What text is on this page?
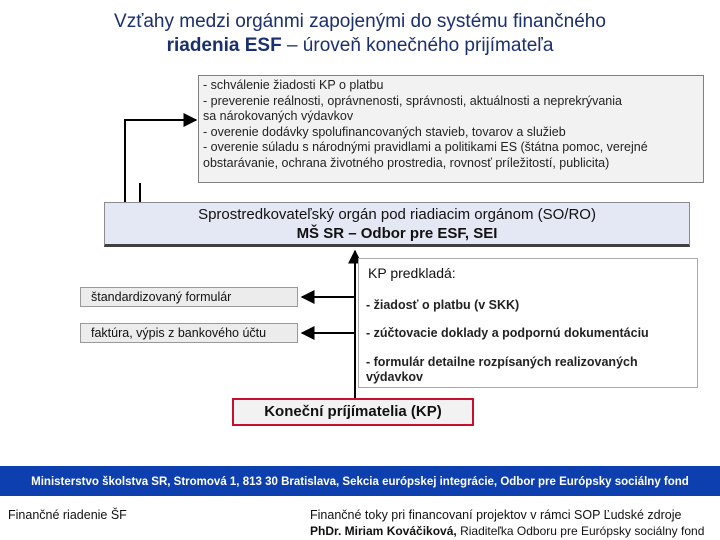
Vzťahy medzi orgánmi zapojenými do systému finančného
riadenia ESF – úroveň konečného prijímateľa
- schválenie žiadosti KP o platbu
- preverenie reálnosti, oprávnenosti, správnosti, aktuálnosti a neprekrývania
sa nárokovaných výdavkov
- overenie dodávky spolufinancovaných stavieb, tovarov a služieb
- overenie súladu s národnými pravidlami a politikami ES (štátna pomoc, verejné
obstarávanie, ochrana životného prostredia, rovnosť príležitostí, publicita)
Sprostredkovateľský orgán pod riadiacim orgánom (SO/RO)
MŠ SR – Odbor pre ESF, SEI
KP predkladá:
- žiadosť o platbu (v SKK)
- zúčtovacie doklady a podpornú dokumentáciu
- formulár detailne rozpísaných realizovaných
výdavkov
štandardizovaný formulár
faktúra, výpis z bankového účtu
Koneční príjímatelia (KP)
Ministerstvo školstva SR, Stromová 1, 813 30 Bratislava, Sekcia európskej integrácie, Odbor pre Európsky sociálny fond
Finančné riadenie ŠF	Finančné toky pri financovaní projektov v rámci SOP Ľudské zdroje
PhDr. Miriam Kováčiková, Riaditeľka Odboru pre Európsky sociálny fond
